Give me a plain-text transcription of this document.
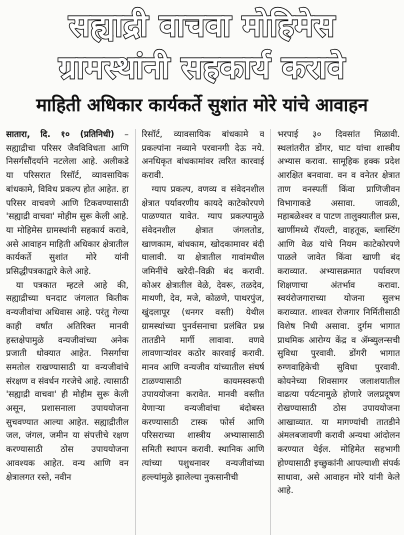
सह्याद्री वाचवा मोहिमेस
ग्रामस्थांनी सहकार्य करावे
माहिती अधिकार कार्यकर्ते सुशांत मोरे यांचे आवाहन

सातारा, दि. १० (प्रतिनिधी) – सह्याद्रीचा परिसर जैवविविधता आणि निसर्गसौंदर्याने नटलेला आहे. अलीकडे या परिसरात रिसॉर्ट, व्यावसायिक बांधकामे, विविध प्रकल्प होत आहेत. हा परिसर वाचवणे आणि टिकवण्यासाठी 'सह्याद्री वाचवा' मोहीम सुरू केली आहे. या मोहिमेस ग्रामस्थांनी सहकार्य करावे, असे आवाहन माहिती अधिकार क्षेत्रातील कार्यकर्ते सुशांत मोरे यांनी प्रसिद्धीपत्रकाद्वारे केले आहे.

या पत्रकात म्हटले आहे की, सह्याद्रीच्या घनदाट जंगलात कितीक वन्यजीवांचा अधिवास आहे. परंतु गेल्या काही वर्षांत अतिरिक्त मानवी हस्तक्षेपामुळे वन्यजीवांच्या अनेक प्रजाती धोक्यात आहेत. निसर्गाचा समतोल राखण्यासाठी या वन्यजीवांचे संरक्षण व संवर्धन गरजेचे आहे. त्यासाठी 'सह्याद्री वाचवा' ही मोहीम सुरू केली असून, प्रशासनाला उपाययोजना सुचवण्यात आल्या आहेत. सह्याद्रीतील जल, जंगल, जमीन या संपत्तीचे रक्षण करण्यासाठी ठोस उपाययोजना आवश्यक आहेत. वन्य आणि वन क्षेत्रालगत रस्ते, नवीन

रिसॉर्ट, व्यावसायिक बांधकामे व प्रकल्पांना नव्याने परवानगी देऊ नये. अनधिकृत बांधकामांवर त्वरित कारवाई करावी.

ग्याप प्रकल्प, वणव्य व संवेदनशील क्षेत्रात पर्यावरणीय कायदे काटेकोरपणे पाळण्यात यावेत. ग्याप प्रकल्पामुळे संवेदनशील क्षेत्रात जंगलतोड, खाणकाम, बांधकाम, खोदकामावर बंदी घालावी. या क्षेत्रातील गावांमधील जमिनींचे खरेदी–विक्री बंद करावी. कोअर क्षेत्रातील वेळे, देवरू, तळदेव, माथणी, देव, मजे, कोळणे, पाथरपुंज, खुंदलापूर (धनगर वस्ती) येथील ग्रामस्थांच्या पुनर्वसनाचा प्रलंबित प्रश्न तातडीने मार्गी लावावा. वणवे लावणाऱ्यांवर कठोर कारवाई करावी. मानव आणि वन्यजीव यांच्यातील संघर्ष टाळण्यासाठी कायमस्वरूपी उपाययोजना करावेत. मानवी वस्तीत येणाऱ्या वन्यजीवांचा बंदोबस्त करण्यासाठी टास्क फोर्स आणि परिसराच्या शास्त्रीय अभ्यासासाठी समिती स्थापन करावी. स्थानिक आणि त्यांच्या पशुधनावर वन्यजीवांच्या हल्ल्यांमुळे झालेल्या नुकसानीची

भरपाई ३० दिवसांत मिळावी. स्थलांतरीत डोंगर, घाट यांचा शास्त्रीय अभ्यास करावा. सामूहिक हक्क प्रदेश आरक्षित बनवावा. वन व वनेतर क्षेत्रात ताण वनस्पतीं किंवा प्राणिजीवन विभागाकडे असावा. जावळी, महाबळेश्वर व पाटण तालुक्यातील फ्रस, खाणींमध्ये रॉयल्टी, वाहतूक, ब्लास्टिंग आणि वेळ यांचे नियम काटेकोरपणे पाळले जावेत किंवा खाणी बंद कराव्यात. अभ्यासक्रमात पर्यावरण शिक्षणाचा अंतर्भाव करावा. स्वयंरोजगाराच्या योजना सुलभ कराव्यात. शाश्वत रोजगार निर्मितीसाठी विशेष निधी असावा. दुर्गम भागात प्राथमिक आरोग्य केंद्र व ॲम्ब्युलन्सची सुविधा पुरवावी. डोंगरी भागात रुग्णवाहिकेची सुविधा पुरवावी. कोयनेच्या शिवसागर जलाशयातील वाढत्या पर्यटनामुळे होणारे जलप्रदूषण रोखण्यासाठी ठोस उपाययोजना आखाव्यात. या मागण्यांची तातडीने अंमलबजावणी करावी अन्यथा आंदोलन करण्यात येईल. मोहिमेत सहभागी होण्यासाठी इच्छुकांनी आपल्याशी संपर्क साधावा, असे आवाहन मोरे यांनी केले आहे.
